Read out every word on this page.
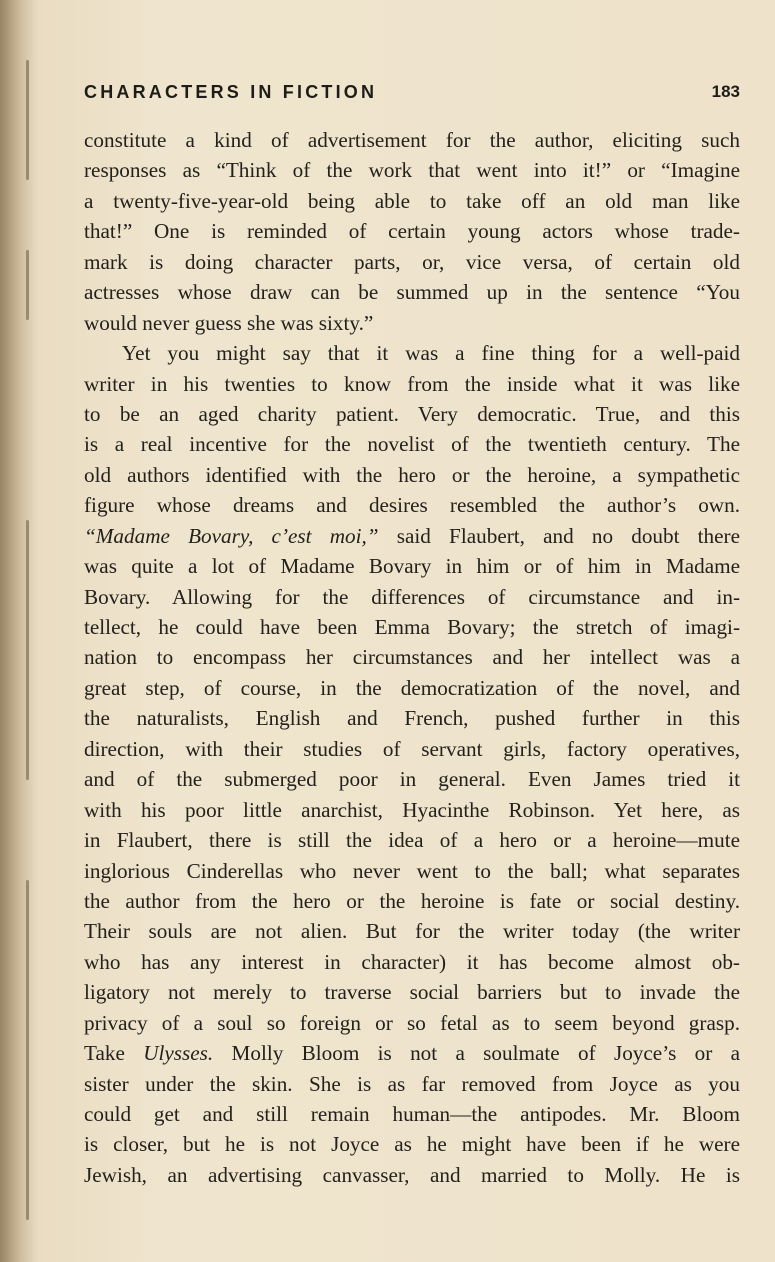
CHARACTERS IN FICTION	183
constitute a kind of advertisement for the author, eliciting such
responses as “Think of the work that went into it!” or “Imagine
a twenty-five-year-old being able to take off an old man like
that!” One is reminded of certain young actors whose trade-
mark is doing character parts, or, vice versa, of certain old
actresses whose draw can be summed up in the sentence “You
would never guess she was sixty.”
Yet you might say that it was a fine thing for a well-paid
writer in his twenties to know from the inside what it was like
to be an aged charity patient. Very democratic. True, and this
is a real incentive for the novelist of the twentieth century. The
old authors identified with the hero or the heroine, a sympathetic
figure whose dreams and desires resembled the author’s own.
“Madame Bovary, c’est moi,” said Flaubert, and no doubt there
was quite a lot of Madame Bovary in him or of him in Madame
Bovary. Allowing for the differences of circumstance and in-
tellect, he could have been Emma Bovary; the stretch of imagi-
nation to encompass her circumstances and her intellect was a
great step, of course, in the democratization of the novel, and
the naturalists, English and French, pushed further in this
direction, with their studies of servant girls, factory operatives,
and of the submerged poor in general. Even James tried it
with his poor little anarchist, Hyacinthe Robinson. Yet here, as
in Flaubert, there is still the idea of a hero or a heroine—mute
inglorious Cinderellas who never went to the ball; what separates
the author from the hero or the heroine is fate or social destiny.
Their souls are not alien. But for the writer today (the writer
who has any interest in character) it has become almost ob-
ligatory not merely to traverse social barriers but to invade the
privacy of a soul so foreign or so fetal as to seem beyond grasp.
Take Ulysses. Molly Bloom is not a soulmate of Joyce’s or a
sister under the skin. She is as far removed from Joyce as you
could get and still remain human—the antipodes. Mr. Bloom
is closer, but he is not Joyce as he might have been if he were
Jewish, an advertising canvasser, and married to Molly. He is
